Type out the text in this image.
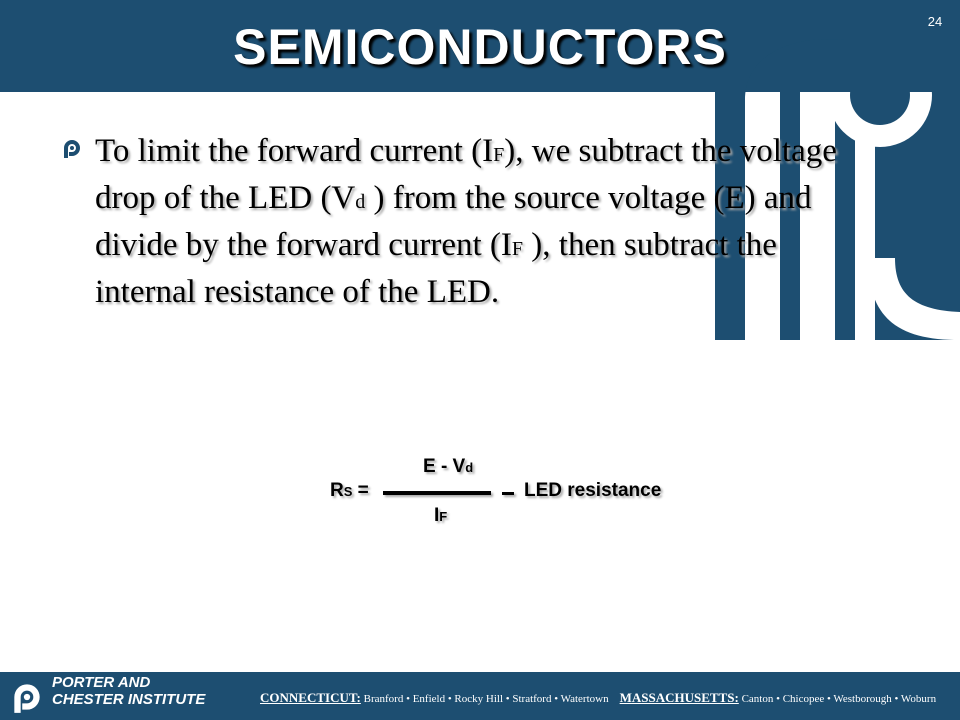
SEMICONDUCTORS	24
To limit the forward current (IF), we subtract the voltage drop of the LED (Vd ) from the source voltage (E) and divide by the forward current (IF ), then subtract the internal resistance of the LED.
RS =
E - Vd
IF
LED resistance
PORTER AND
CHESTER INSTITUTE	CONNECTICUT: Branford • Enfield • Rocky Hill • Stratford • Watertown MASSACHUSETTS: Canton • Chicopee • Westborough • Woburn
